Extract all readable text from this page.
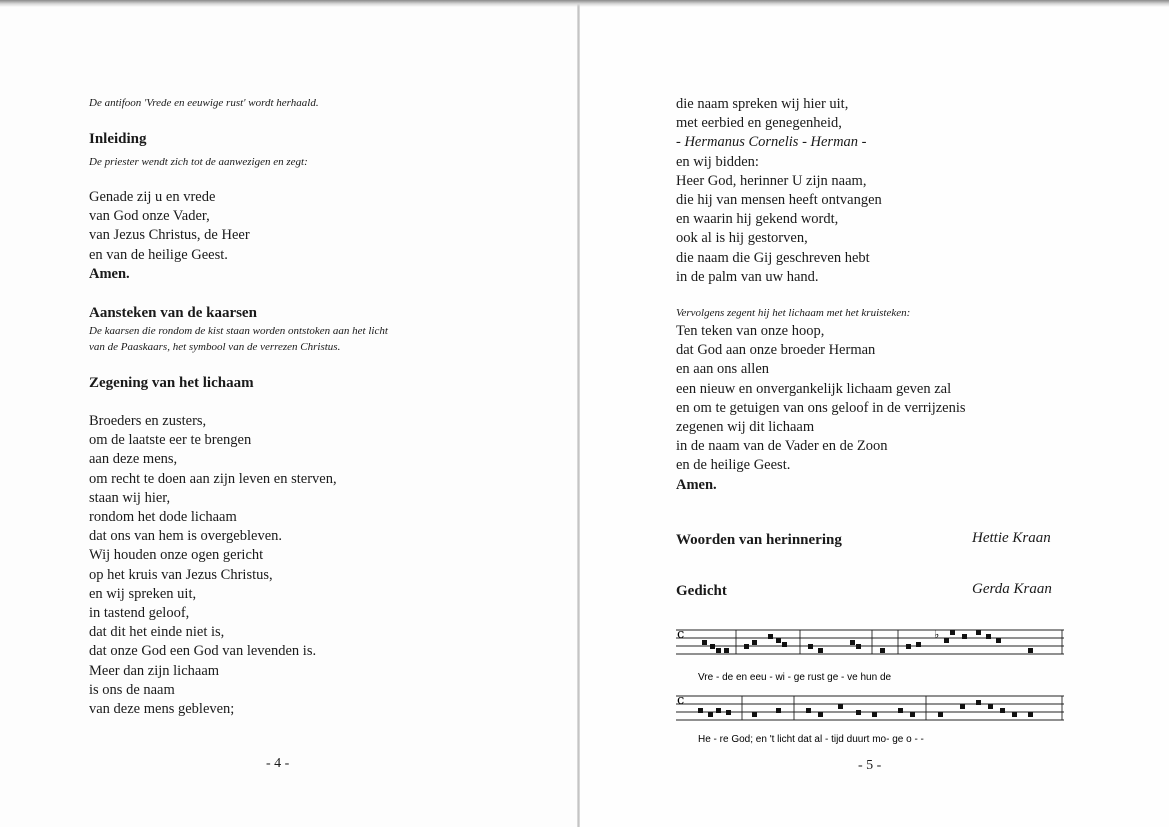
De antifoon 'Vrede en eeuwige rust' wordt herhaald.

Inleiding

De priester wendt zich tot de aanwezigen en zegt:

Genade zij u en vrede
van God onze Vader,
van Jezus Christus, de Heer
en van de heilige Geest.
Amen.

Aansteken van de kaarsen

De kaarsen die rondom de kist staan worden ontstoken aan het licht

van de Paaskaars, het symbool van de verrezen Christus.

Zegening van het lichaam

Broeders en zusters,
om de laatste eer te brengen
aan deze mens,
om recht te doen aan zijn leven en sterven,
staan wij hier,
rondom het dode lichaam
dat ons van hem is overgebleven.
Wij houden onze ogen gericht
op het kruis van Jezus Christus,
en wij spreken uit,
in tastend geloof,
dat dit het einde niet is,
dat onze God een God van levenden is.
Meer dan zijn lichaam
is ons de naam
van deze mens gebleven;

- 4 -

die naam spreken wij hier uit,
met eerbied en genegenheid,
- Hermanus Cornelis - Herman -
en wij bidden:
Heer God, herinner U zijn naam,
die hij van mensen heeft ontvangen
en waarin hij gekend wordt,
ook al is hij gestorven,
die naam die Gij geschreven hebt
in de palm van uw hand.

Vervolgens zegent hij het lichaam met het kruisteken:

Ten teken van onze hoop,
dat God aan onze broeder Herman
en aan ons allen
een nieuw en onvergankelijk lichaam geven zal
en om te getuigen van ons geloof in de verrijzenis
zegenen wij dit lichaam
in de naam van de Vader en de Zoon
en de heilige Geest.
Amen.

Woorden van herinnering	Hettie Kraan

Gedicht	Gerda Kraan

c	♭
Vre - de en eeu - wi - ge rust ge - ve hun de
c
He - re God; en 't licht dat al - tijd duurt mo- ge o - -

- 5 -
